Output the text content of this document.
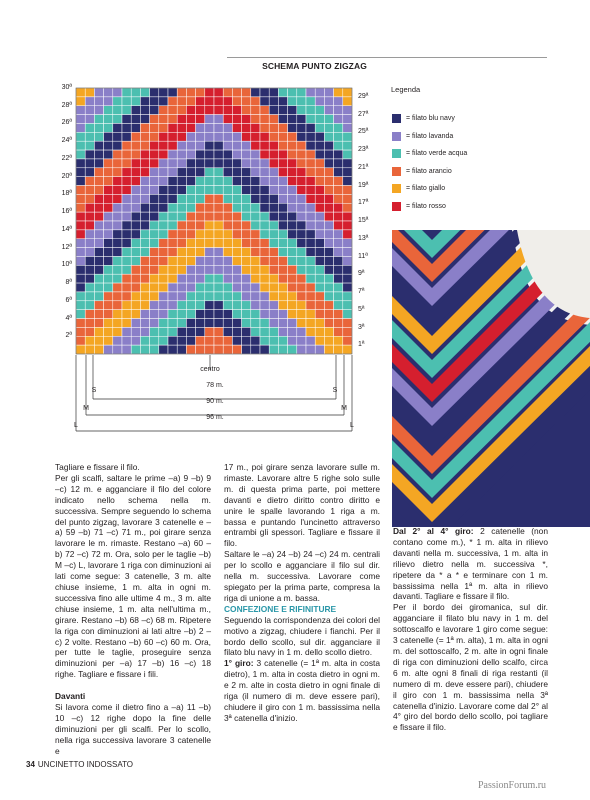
SCHEMA PUNTO ZIGZAG
30ª
28ª
26ª
24ª
22ª
20ª
18ª
16ª
14ª
12ª
10ª
8ª
6ª
4ª
2ª
29ª
27ª
25ª
23ª
21ª
19ª
17ª
15ª
13ª
11ª
9ª
7ª
5ª
3ª
1ª
centro
S	S
78 m.
M	M
90 m.
L	L
96 m.
Legenda
= filato blu navy
= filato lavanda
= filato verde acqua
= filato arancio
= filato giallo
= filato rosso

Tagliare e fissare il filo.

Per gli scalfi, saltare le prime –a) 9 –b) 9 –c) 12 m. e agganciare il filo del colore indicato nello schema nella m. successiva. Sempre seguendo lo schema del punto zigzag, lavorare 3 catenelle e –a) 59 –b) 71 –c) 71 m., poi girare senza lavorare le m. rimaste. Restano –a) 60 –b) 72 –c) 72 m. Ora, solo per le taglie –b) M –c) L, lavorare 1 riga con diminuzioni ai lati come segue: 3 catenelle, 3 m. alte chiuse insieme, 1 m. alta in ogni m. successiva fino alle ultime 4 m., 3 m. alte chiuse insieme, 1 m. alta nell'ultima m., girare. Restano –b) 68 –c) 68 m. Ripetere la riga con diminuzioni ai lati altre –b) 2 –c) 2 volte. Restano –b) 60 –c) 60 m. Ora, per tutte le taglie, proseguire senza diminuzioni per –a) 17 –b) 16 –c) 18 righe. Tagliare e fissare i fili.

Davanti

Si lavora come il dietro fino a –a) 11 –b) 10 –c) 12 righe dopo la fine delle diminuzioni per gli scalfi. Per lo scollo, nella riga successiva lavorare 3 catenelle e

17 m., poi girare senza lavorare sulle m. rimaste. Lavorare altre 5 righe solo sulle m. di questa prima parte, poi mettere davanti e dietro diritto contro diritto e unire le spalle lavorando 1 riga a m. bassa e puntando l'uncinetto attraverso entrambi gli spessori. Tagliare e fissare il filo.

Saltare le –a) 24 –b) 24 –c) 24 m. centrali per lo scollo e agganciare il filo sul dir. nella m. successiva. Lavorare come spiegato per la prima parte, compresa la riga di unione a m. bassa.

CONFEZIONE E RIFINITURE

Seguendo la corrispondenza dei colori del motivo a zigzag, chiudere i fianchi. Per il bordo dello scollo, sul dir. agganciare il filato blu navy in 1 m. dello scollo dietro.

1° giro: 3 catenelle (= 1ª m. alta in costa dietro), 1 m. alta in costa dietro in ogni m. e 2 m. alte in costa dietro in ogni finale di riga (il numero di m. deve essere pari), chiudere il giro con 1 m. bassissima nella 3ª catenella d'inizio.

Dal 2° al 4° giro: 2 catenelle (non contano come m.), * 1 m. alta in rilievo davanti nella m. successiva, 1 m. alta in rilievo dietro nella m. successiva *, ripetere da * a * e terminare con 1 m. bassissima nella 1ª m. alta in rilievo davanti. Tagliare e fissare il filo.

Per il bordo dei giromanica, sul dir. agganciare il filato blu navy in 1 m. del sottoscalfo e lavorare 1 giro come segue: 3 catenelle (= 1ª m. alta), 1 m. alta in ogni m. del sottoscalfo, 2 m. alte in ogni finale di riga con diminuzioni dello scalfo, circa 6 m. alte ogni 8 finali di riga restanti (il numero di m. deve essere pari), chiudere il giro con 1 m. bassissima nella 3ª catenella d'inizio. Lavorare come dal 2° al 4° giro del bordo dello scollo, poi tagliare e fissare il filo.

34 UNCINETTO INDOSSATO
PassionForum.ru
